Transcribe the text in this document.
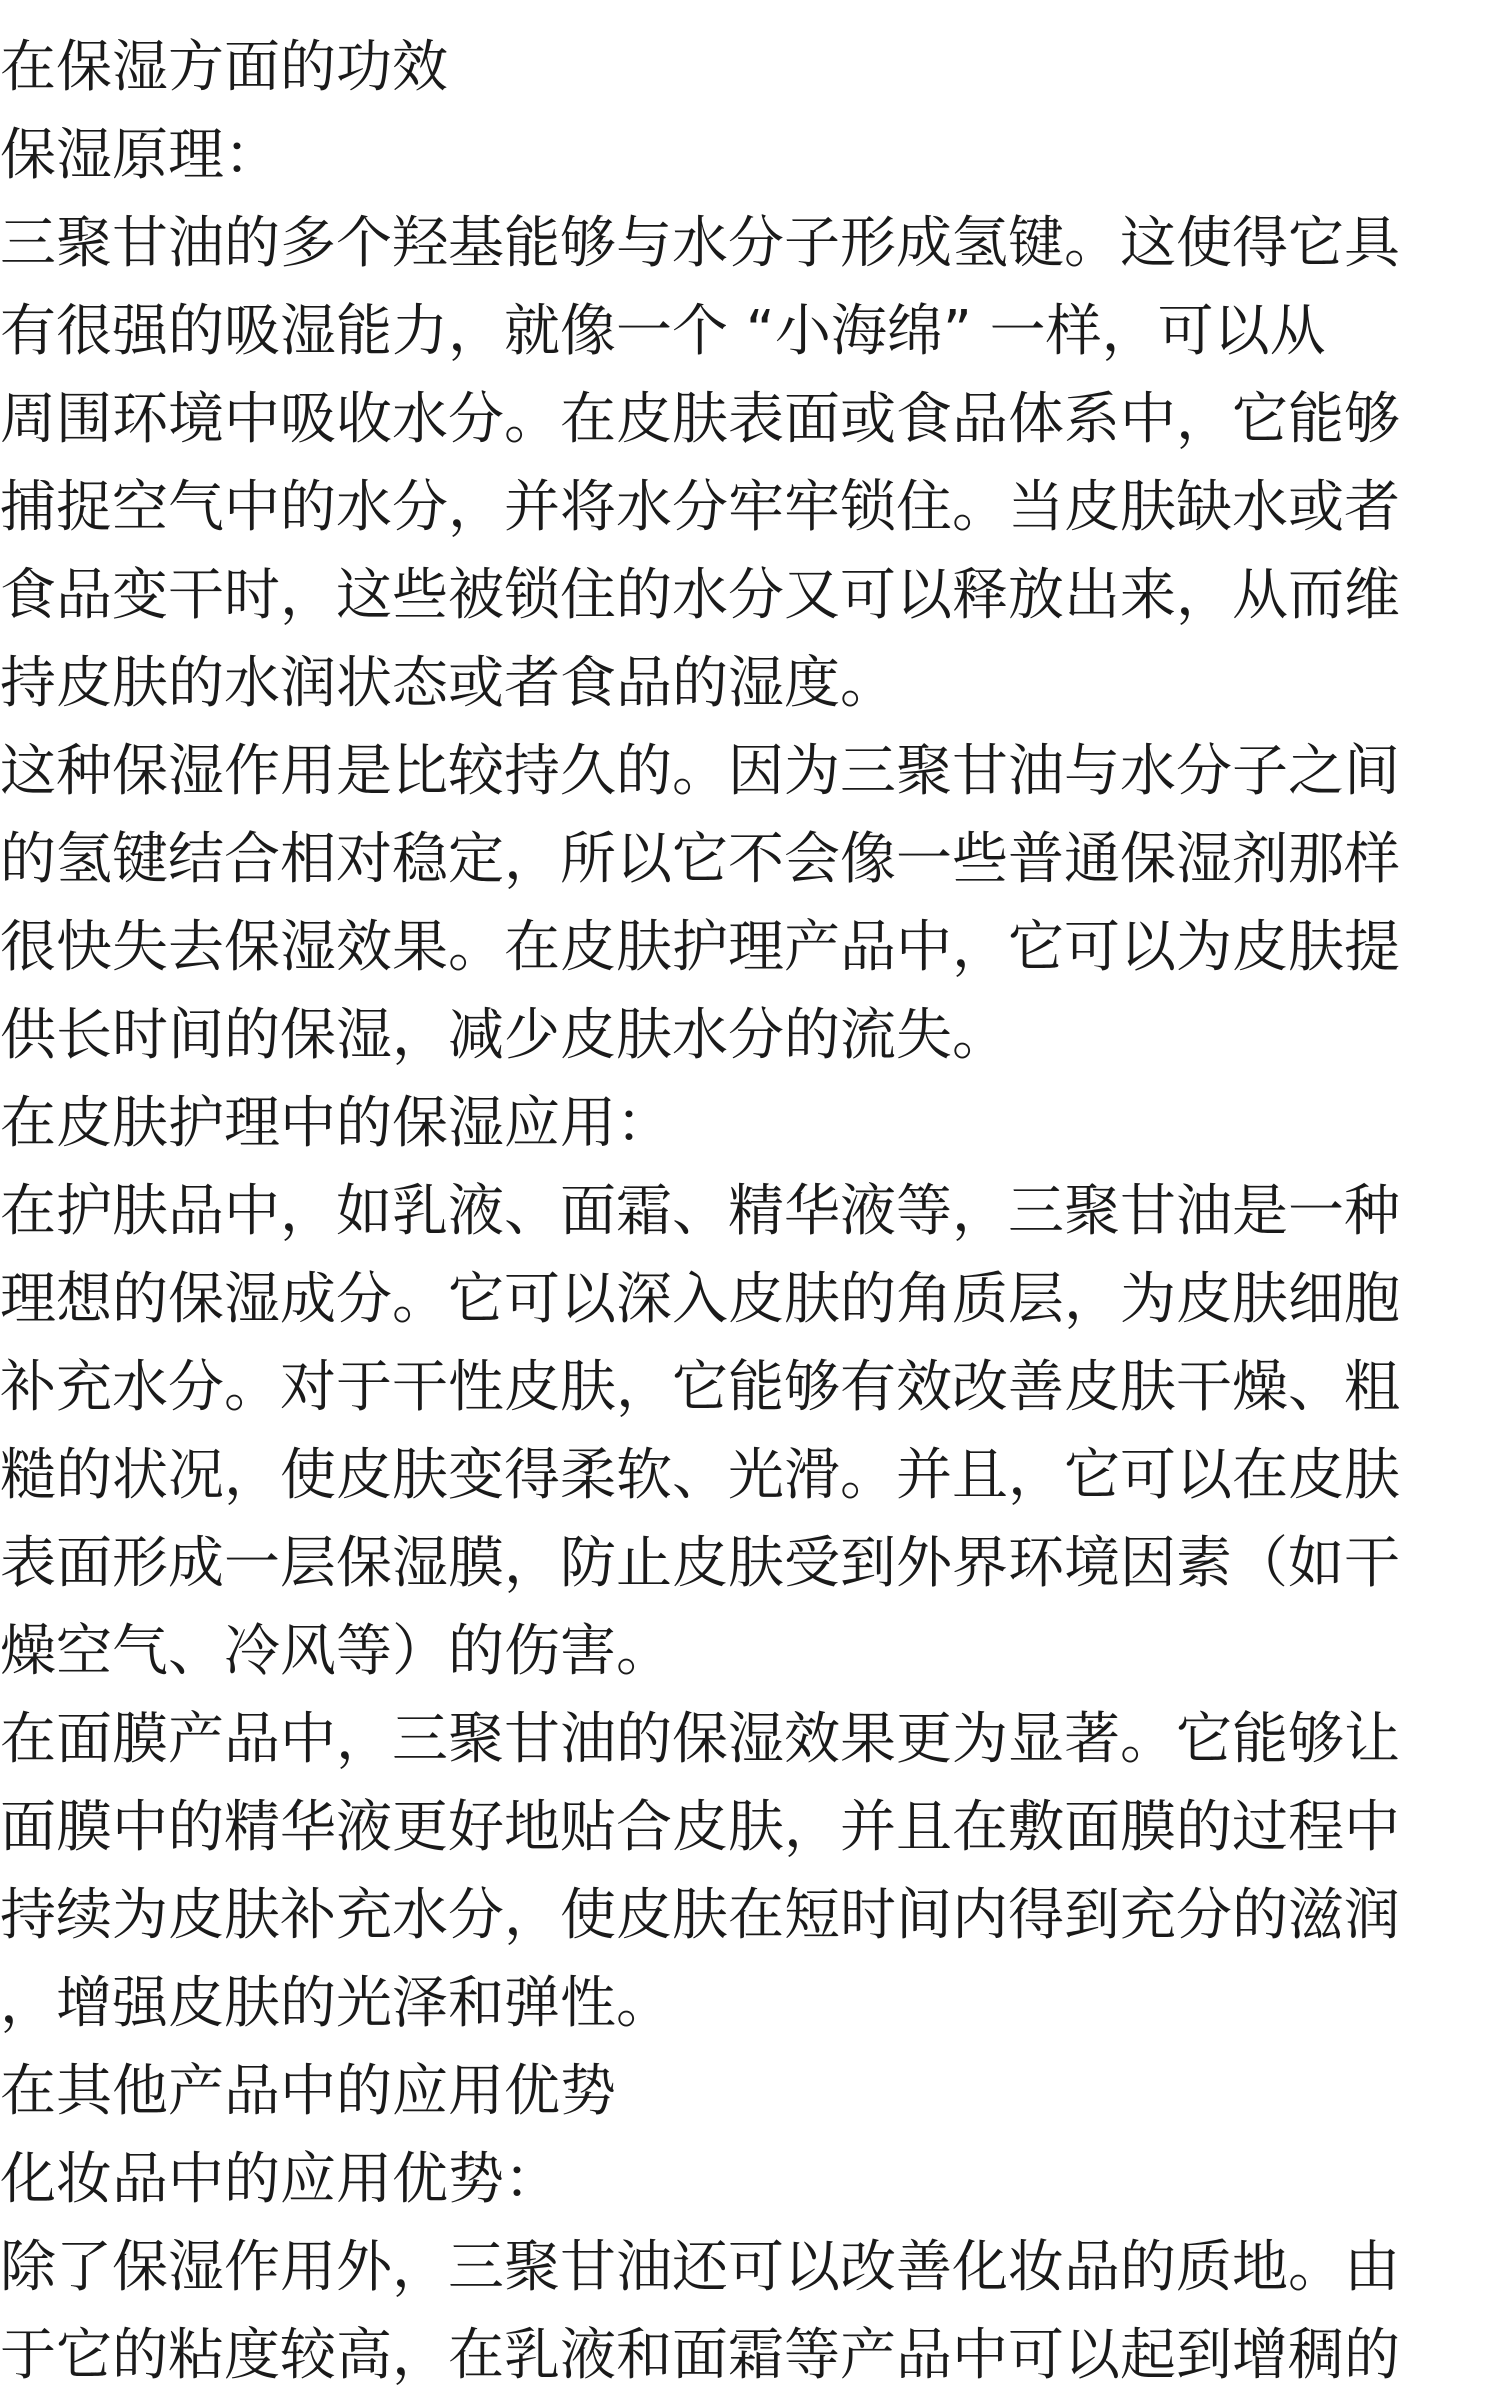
在保湿方面的功效
保湿原理：
三聚甘油的多个羟基能够与水分子形成氢键。这使得它具
有很强的吸湿能力，就像一个 “小海绵” 一样，可以从
周围环境中吸收水分。在皮肤表面或食品体系中，它能够
捕捉空气中的水分，并将水分牢牢锁住。当皮肤缺水或者
食品变干时，这些被锁住的水分又可以释放出来，从而维
持皮肤的水润状态或者食品的湿度。
这种保湿作用是比较持久的。因为三聚甘油与水分子之间
的氢键结合相对稳定，所以它不会像一些普通保湿剂那样
很快失去保湿效果。在皮肤护理产品中，它可以为皮肤提
供长时间的保湿，减少皮肤水分的流失。
在皮肤护理中的保湿应用：
在护肤品中，如乳液、面霜、精华液等，三聚甘油是一种
理想的保湿成分。它可以深入皮肤的角质层，为皮肤细胞
补充水分。对于干性皮肤，它能够有效改善皮肤干燥、粗
糙的状况，使皮肤变得柔软、光滑。并且，它可以在皮肤
表面形成一层保湿膜，防止皮肤受到外界环境因素（如干
燥空气、冷风等）的伤害。
在面膜产品中，三聚甘油的保湿效果更为显著。它能够让
面膜中的精华液更好地贴合皮肤，并且在敷面膜的过程中
持续为皮肤补充水分，使皮肤在短时间内得到充分的滋润
，增强皮肤的光泽和弹性。
在其他产品中的应用优势
化妆品中的应用优势：
除了保湿作用外，三聚甘油还可以改善化妆品的质地。由
于它的粘度较高，在乳液和面霜等产品中可以起到增稠的
